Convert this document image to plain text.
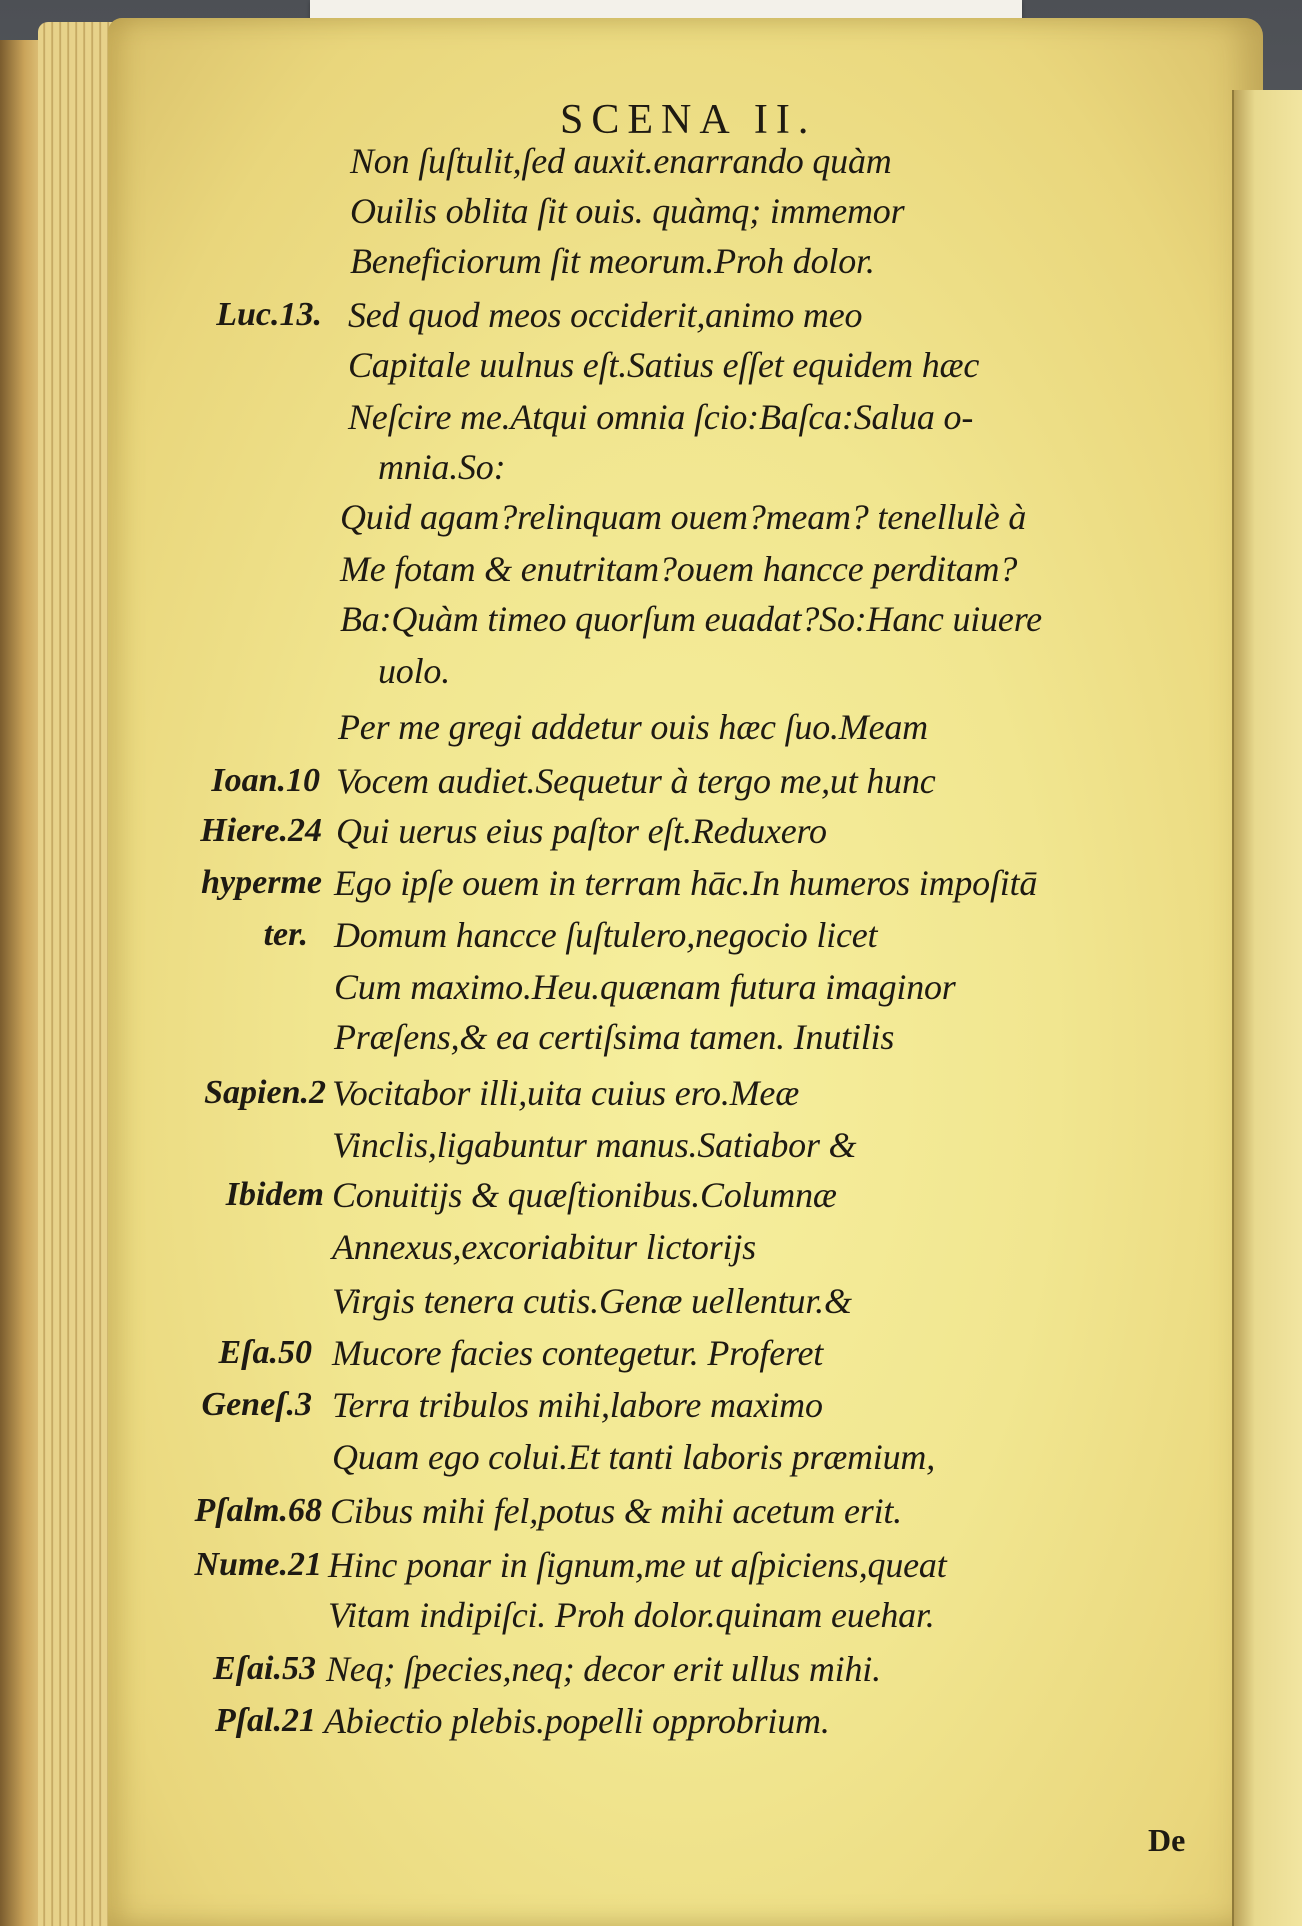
SCENA II.
Non ſuſtulit,ſed auxit.enarrando quàm
Ouilis oblita ſit ouis. quàmq; immemor
Beneficiorum ſit meorum.Proh dolor.
Luc.13. Sed quod meos occiderit,animo meo
Capitale uulnus eſt.Satius eſſet equidem hæc
Neſcire me.Atqui omnia ſcio:Baſca:Salua o-
mnia.So:
Quid agam?relinquam ouem?meam? tenellulè à
Me fotam & enutritam?ouem hancce perditam?
Ba:Quàm timeo quorſum euadat?So:Hanc uiuere
uolo.
Per me gregi addetur ouis hæc ſuo.Meam
Ioan.10 Vocem audiet.Sequetur à tergo me,ut hunc
Hiere.24 Qui uerus eius paſtor eſt.Reduxero
hyperme Ego ipſe ouem in terram hāc.In humeros impoſitā
ter. Domum hancce ſuſtulero,negocio licet
Cum maximo.Heu.quænam futura imaginor
Præſens,& ea certiſsima tamen. Inutilis
Sapien.2 Vocitabor illi,uita cuius ero.Meæ
Vinclis,ligabuntur manus.Satiabor &
Ibidem Conuitijs & quæſtionibus.Columnæ
Annexus,excoriabitur lictorijs
Virgis tenera cutis.Genæ uellentur.&
Eſa.50 Mucore facies contegetur. Proferet
Geneſ.3 Terra tribulos mihi,labore maximo
Quam ego colui.Et tanti laboris præmium,
Pſalm.68 Cibus mihi fel,potus & mihi acetum erit.
Nume.21 Hinc ponar in ſignum,me ut aſpiciens,queat
Vitam indipiſci. Proh dolor.quinam euehar.
Eſai.53 Neq; ſpecies,neq; decor erit ullus mihi.
Pſal.21 Abiectio plebis.popelli opprobrium.
De
